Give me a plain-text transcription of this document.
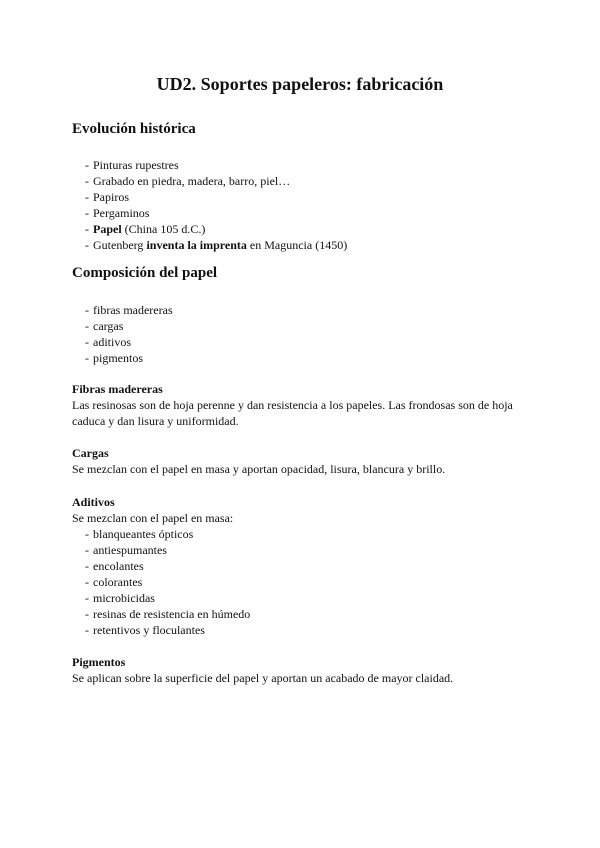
UD2. Soportes papeleros: fabricación
Evolución histórica
- Pinturas rupestres
- Grabado en piedra, madera, barro, piel…
- Papiros
- Pergaminos
- Papel (China 105 d.C.)
- Gutenberg inventa la imprenta en Maguncia (1450)
Composición del papel
- fibras madereras
- cargas
- aditivos
- pigmentos
Fibras madereras

Las resinosas son de hoja perenne y dan resistencia a los papeles. Las frondosas son de hoja caduca y dan lisura y uniformidad.

Cargas

Se mezclan con el papel en masa y aportan opacidad, lisura, blancura y brillo.

Aditivos

Se mezclan con el papel en masa:

- blanqueantes ópticos
- antiespumantes
- encolantes
- colorantes
- microbicidas
- resinas de resistencia en húmedo
- retentivos y floculantes
Pigmentos

Se aplican sobre la superficie del papel y aportan un acabado de mayor claidad.
